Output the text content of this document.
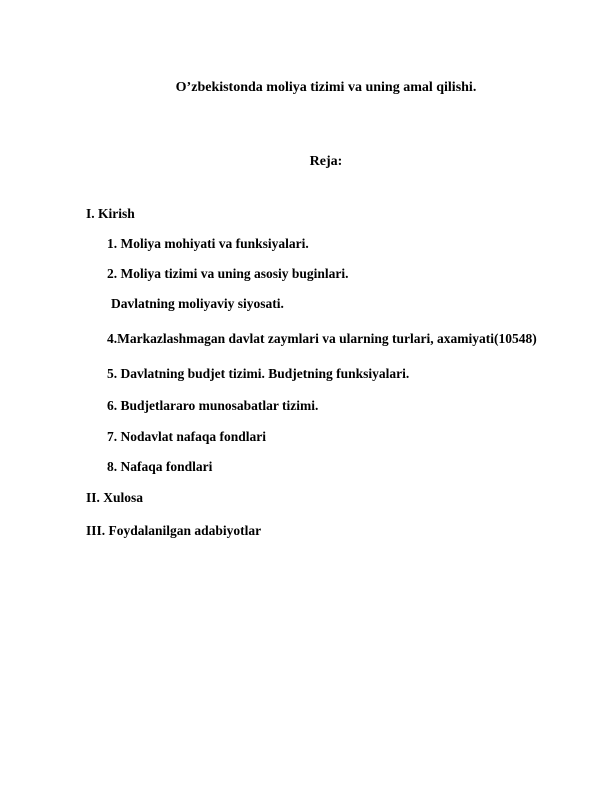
O’zbekistonda moliya tizimi va uning amal qilishi.
Reja:
I. Kirish
1. Moliya mohiyati va funksiyalari.
2. Moliya tizimi va uning asosiy buginlari.
Davlatning moliyaviy siyosati.
4.Markazlashmagan davlat zaymlari va ularning turlari, axamiyati(10548)
5. Davlatning budjet tizimi. Budjetning funksiyalari.
6. Budjetlararo munosabatlar tizimi.
7. Nodavlat nafaqa fondlari
8. Nafaqa fondlari
II. Xulosa
III. Foydalanilgan adabiyotlar
